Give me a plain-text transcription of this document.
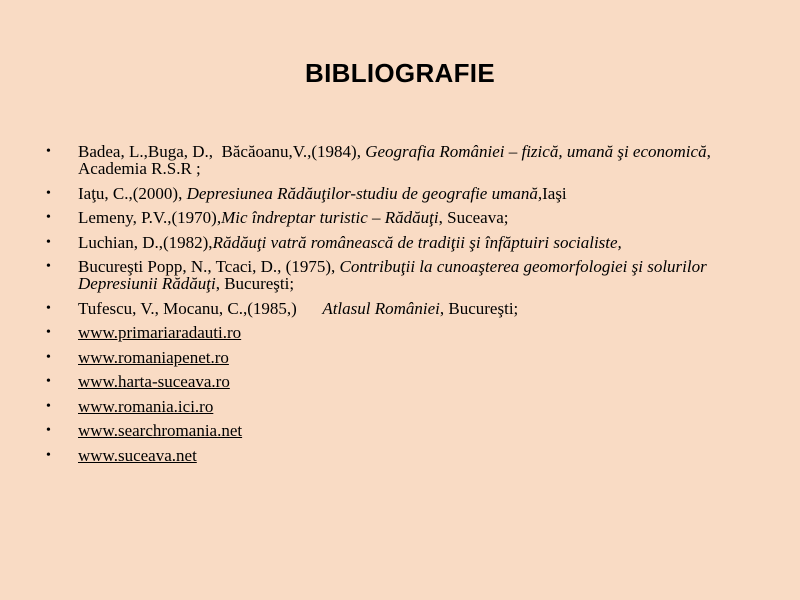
BIBLIOGRAFIE
• Badea, L.,Buga, D.,  Băcăoanu,V.,(1984), Geografia României – fizică, umană şi economică, Academia R.S.R ;
• Iaţu, C.,(2000), Depresiunea Rădăuţilor-studiu de geografie umană,Iaşi
• Lemeny, P.V.,(1970),Mic îndreptar turistic – Rădăuţi, Suceava;
• Luchian, D.,(1982),Rădăuţi vatră românească de tradiţii şi înfăptuiri socialiste,
• Bucureşti Popp, N., Tcaci, D., (1975), Contribuţii la cunoaşterea geomorfologiei şi solurilor Depresiunii Rădăuţi, Bucureşti;
• Tufescu, V., Mocanu, C.,(1985,)      Atlasul României, Bucureşti;
• www.primariaradauti.ro
• www.romaniapenet.ro
• www.harta-suceava.ro
• www.romania.ici.ro
• www.searchromania.net
• www.suceava.net
